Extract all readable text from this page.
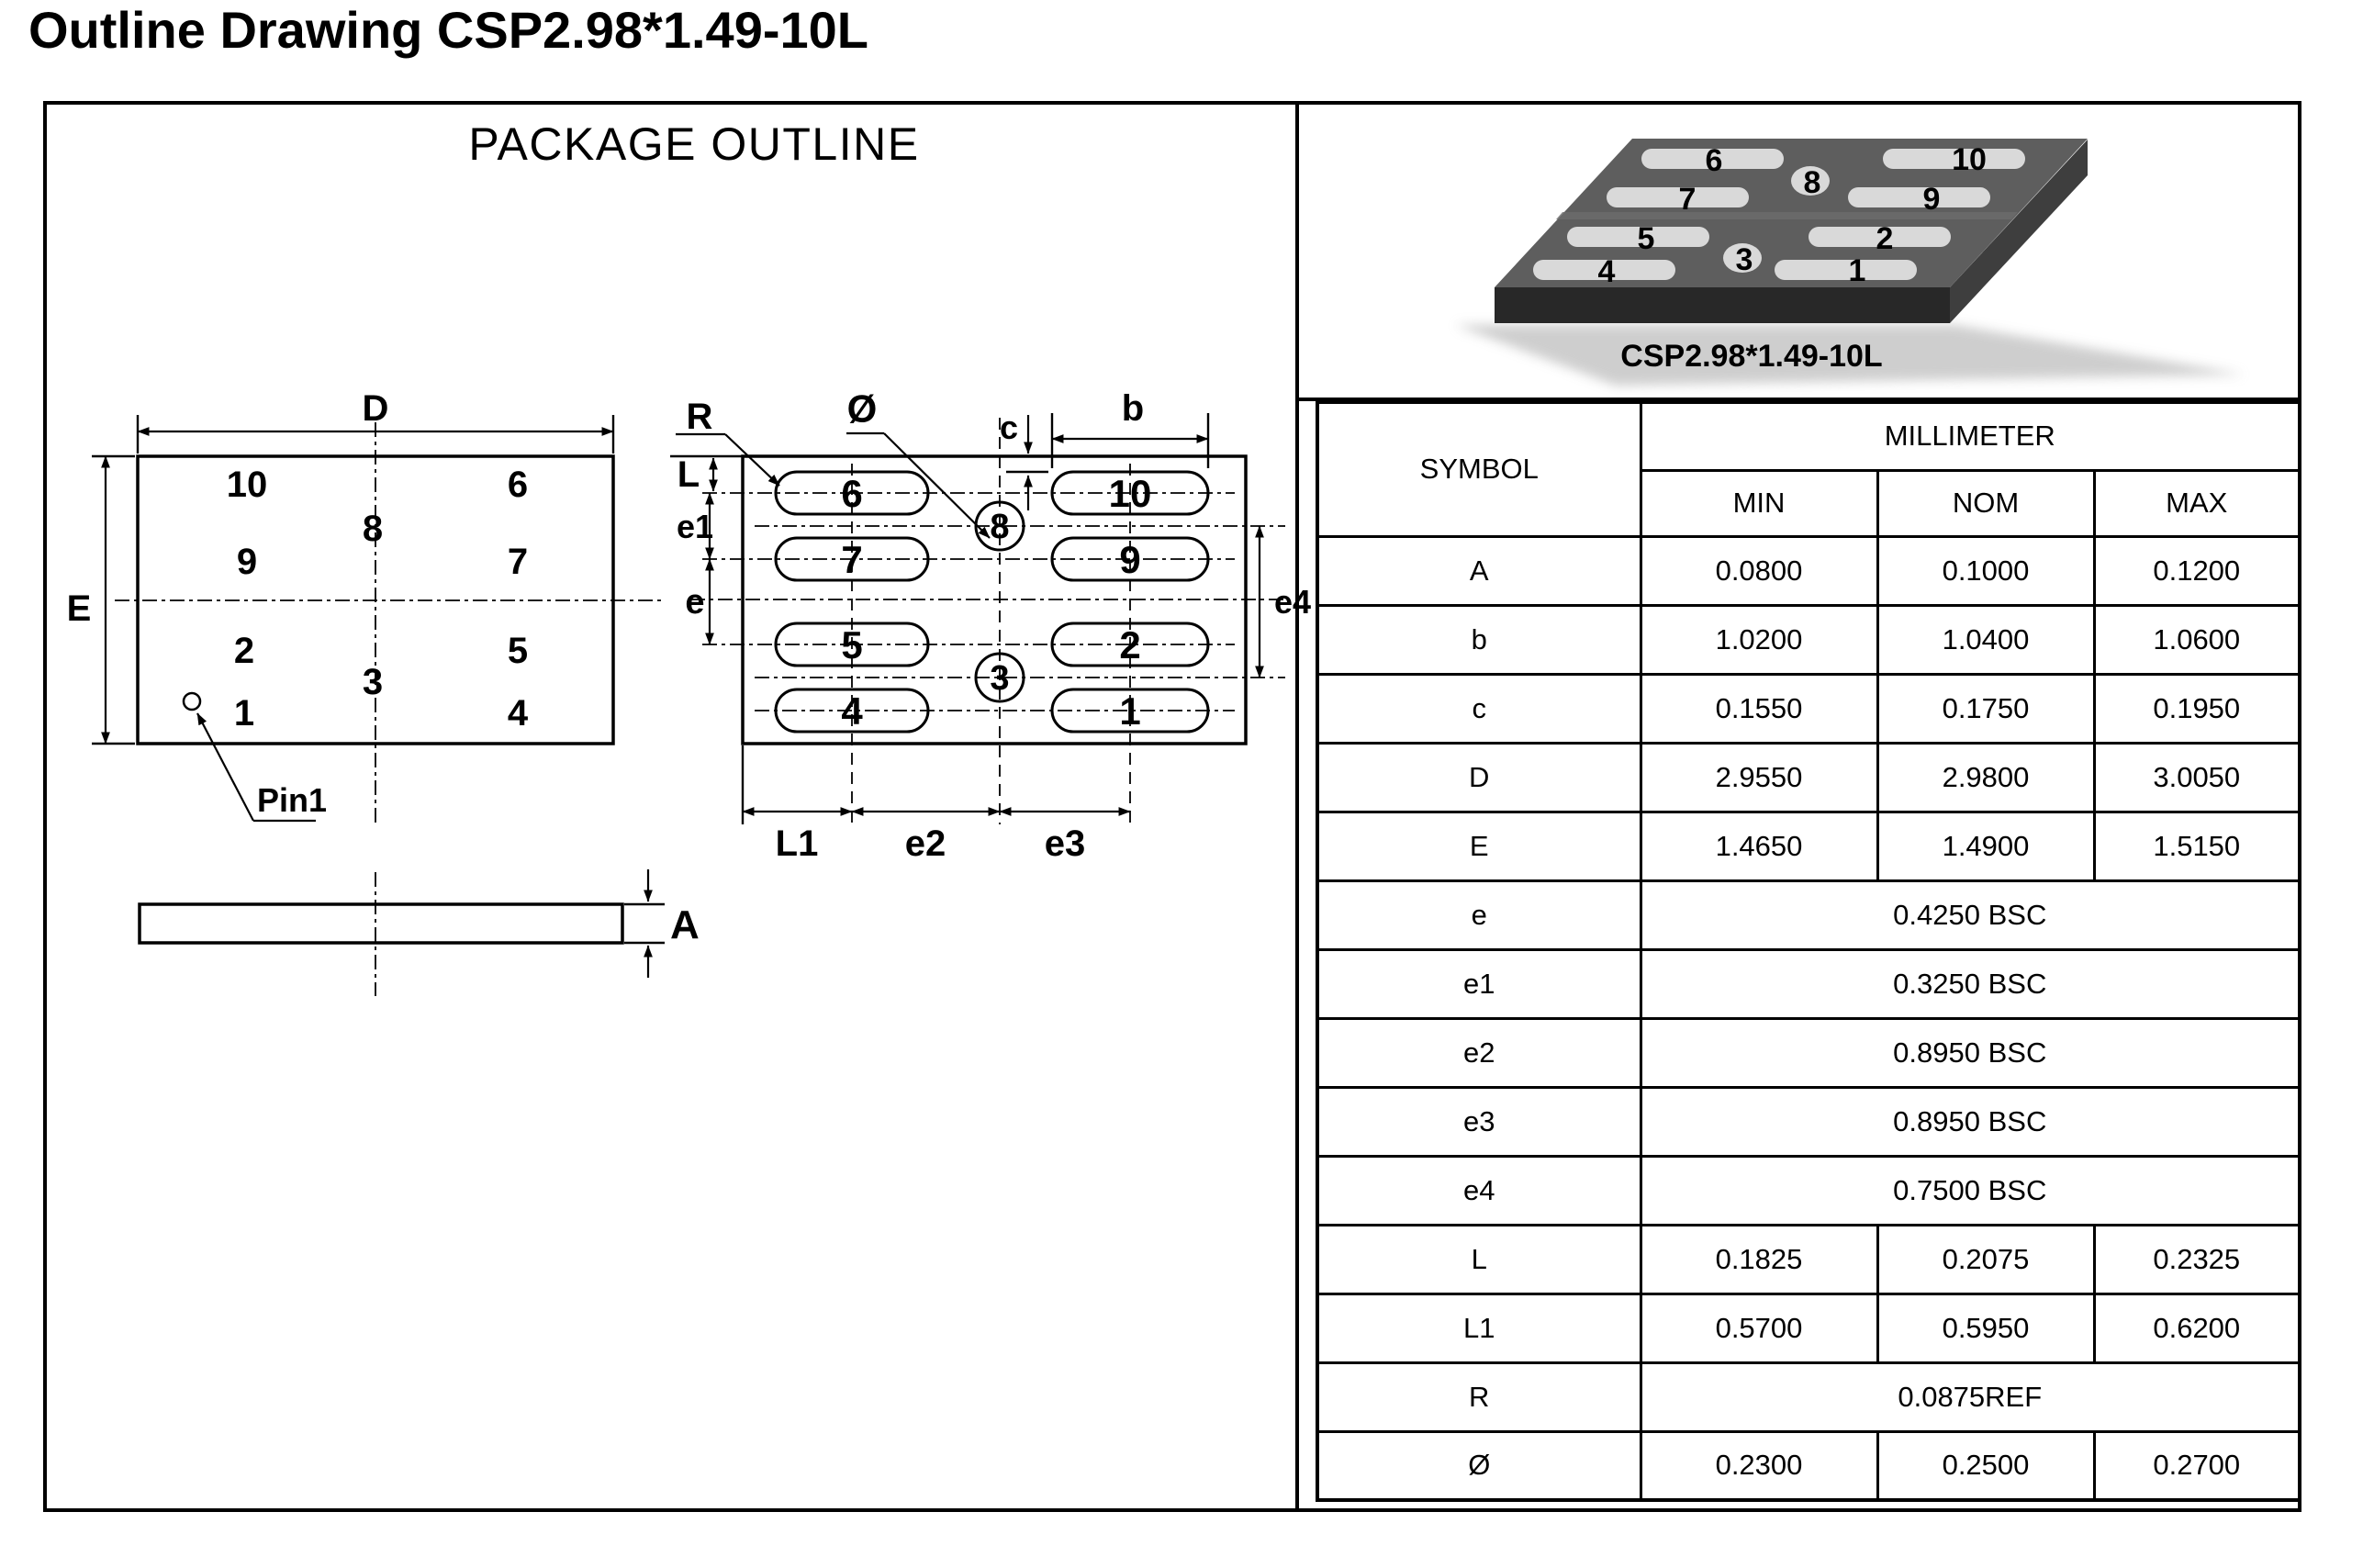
Outline Drawing CSP2.98*1.49-10L
PACKAGE OUTLINE
D
E
10	6
8
9	7
2	5
3
1	4
Pin1
6	10
7	9
5	2
4	1
8
3
R	Ø	c	b
L
e1
e	e4
L1 e2	e3
A
6	10
7	9
5	2
4	1
8
3
CSP2.98*1.49-10L
SYMBOL	MILLIMETER		
	MIN	NOM	MAX
A	0.0800	0.1000	0.1200
b	1.0200	1.0400	1.0600
c	0.1550	0.1750	0.1950
D	2.9550	2.9800	3.0050
E	1.4650	1.4900	1.5150
e	0.4250 BSC		
e1	0.3250 BSC		
e2	0.8950 BSC		
e3	0.8950 BSC		
e4	0.7500 BSC		
L	0.1825	0.2075	0.2325
L1	0.5700	0.5950	0.6200
R	0.0875REF		
Ø	0.2300	0.2500	0.2700
